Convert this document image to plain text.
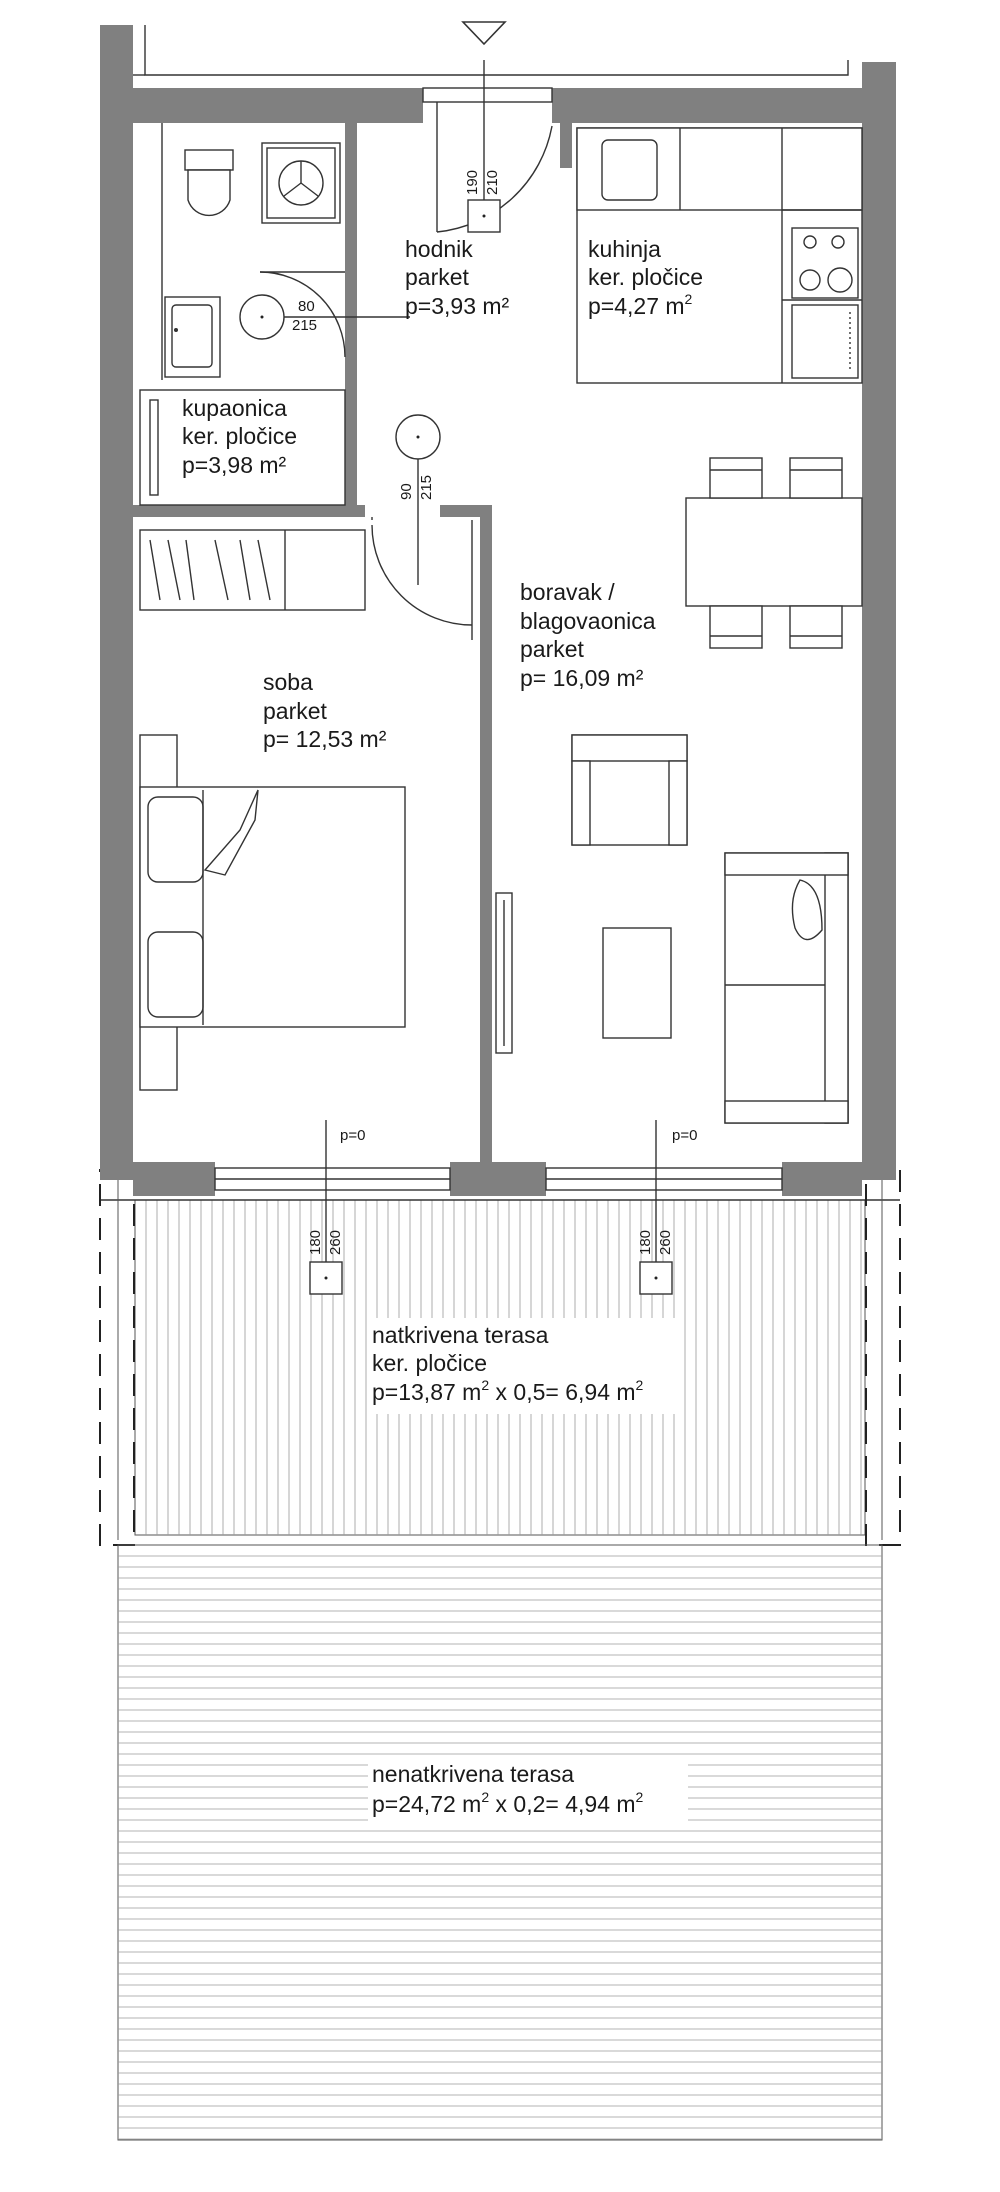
190 210
80
215
90 215
180 260
p=0
180 260
p=0
hodnik
parket
p=3,93 m²
kuhinja
ker. pločice
p=4,27 $m^2$
kupaonica
ker. pločice
p=3,98 m²
boravak /
blagovaonica
parket
p= 16,09 m²
soba
parket
p= 12,53 m²
natkrivena terasa
ker. pločice
p=13,87 $m^2$ x 0,5= 6,94 $m^2$
nenatkrivena terasa
p=24,72 $m^2$ x 0,2= 4,94 $m^2$
